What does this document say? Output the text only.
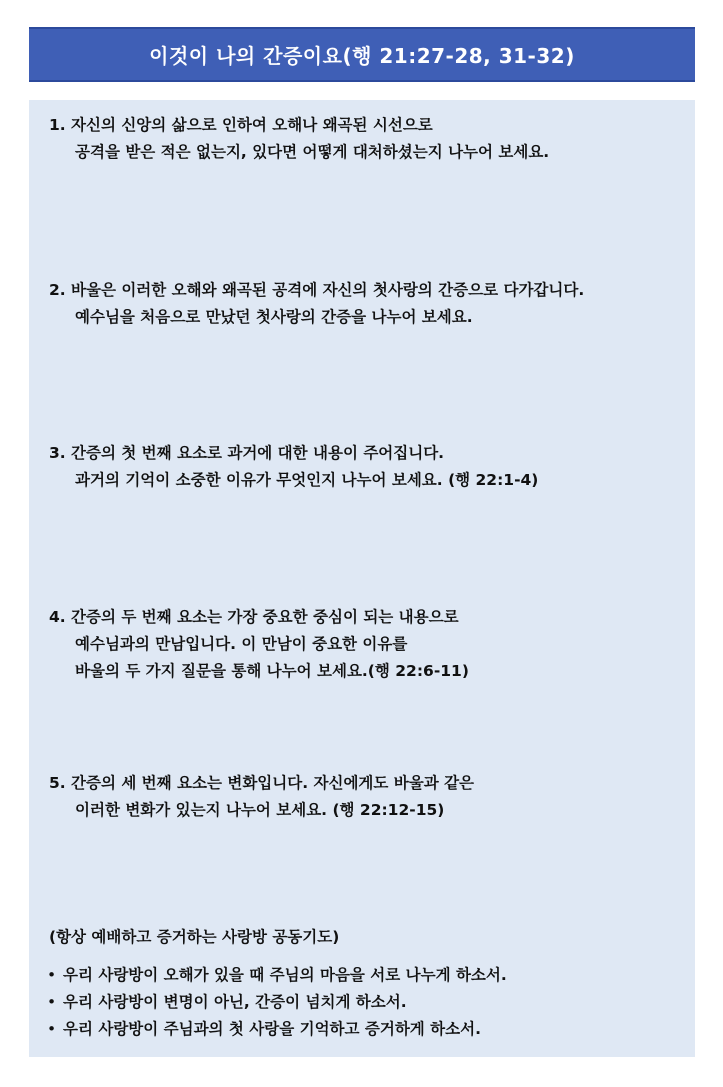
이것이 나의 간증이요(행 21:27-28, 31-32)
1. 자신의 신앙의 삶으로 인하여 오해나 왜곡된 시선으로
공격을 받은 적은 없는지, 있다면 어떻게 대처하셨는지 나누어 보세요.
2. 바울은 이러한 오해와 왜곡된 공격에 자신의 첫사랑의 간증으로 다가갑니다.
예수님을 처음으로 만났던 첫사랑의 간증을 나누어 보세요.
3. 간증의 첫 번째 요소로 과거에 대한 내용이 주어집니다.
과거의 기억이 소중한 이유가 무엇인지 나누어 보세요. (행 22:1-4)
4. 간증의 두 번째 요소는 가장 중요한 중심이 되는 내용으로
예수님과의 만남입니다. 이 만남이 중요한 이유를
바울의 두 가지 질문을 통해 나누어 보세요.(행 22:6-11)
5. 간증의 세 번째 요소는 변화입니다. 자신에게도 바울과 같은
이러한 변화가 있는지 나누어 보세요. (행 22:12-15)
(항상 예배하고 증거하는 사랑방 공동기도)
• 우리 사랑방이 오해가 있을 때 주님의 마음을 서로 나누게 하소서.
• 우리 사랑방이 변명이 아닌, 간증이 넘치게 하소서.
• 우리 사랑방이 주님과의 첫 사랑을 기억하고 증거하게 하소서.
